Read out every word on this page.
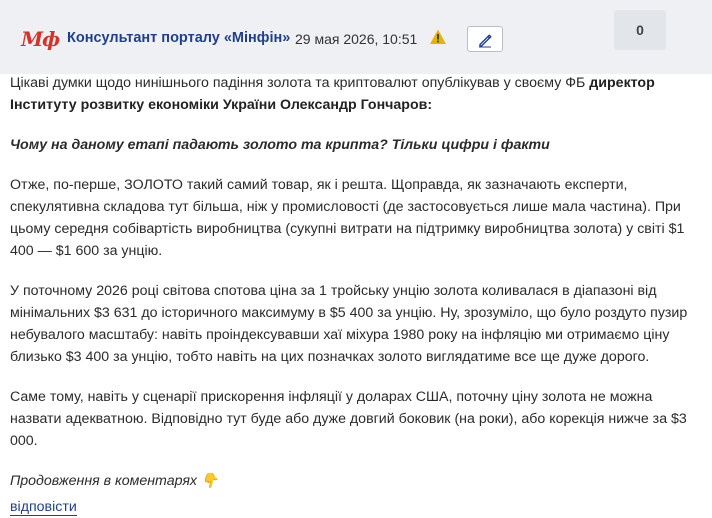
Мф Консультант порталу «Мінфін» 29 мая 2026, 10:51
0

Цікаві думки щодо нинішнього падіння золота та криптовалют опублікував у своєму ФБ директор Інституту розвитку економіки України Олександр Гончаров:

Чому на даному етапі падають золото та крипта? Тільки цифри і факти

Отже, по-перше, ЗОЛОТО такий самий товар, як і решта. Щоправда, як зазначають експерти, спекулятивна складова тут більша, ніж у промисловості (де застосовується лише мала частина). При цьому середня собівартість виробництва (сукупні витрати на підтримку виробництва золота) у світі $1 400 — $1 600 за унцію.

У поточному 2026 році світова спотова ціна за 1 тройську унцію золота коливалася в діапазоні від мінімальних $3 631 до історичного максимуму в $5 400 за унцію. Ну, зрозуміло, що було роздуто пузир небувалого масштабу: навіть проіндексувавши хаї міхура 1980 року на інфляцію ми отримаємо ціну близько $3 400 за унцію, тобто навіть на цих позначках золото виглядатиме все ще дуже дорого.

Саме тому, навіть у сценарії прискорення інфляції у доларах США, поточну ціну золота не можна назвати адекватною. Відповідно тут буде або дуже довгий боковик (на роки), або корекція нижче за $3 000.

Продовження в коментарях 👇

відповісти
